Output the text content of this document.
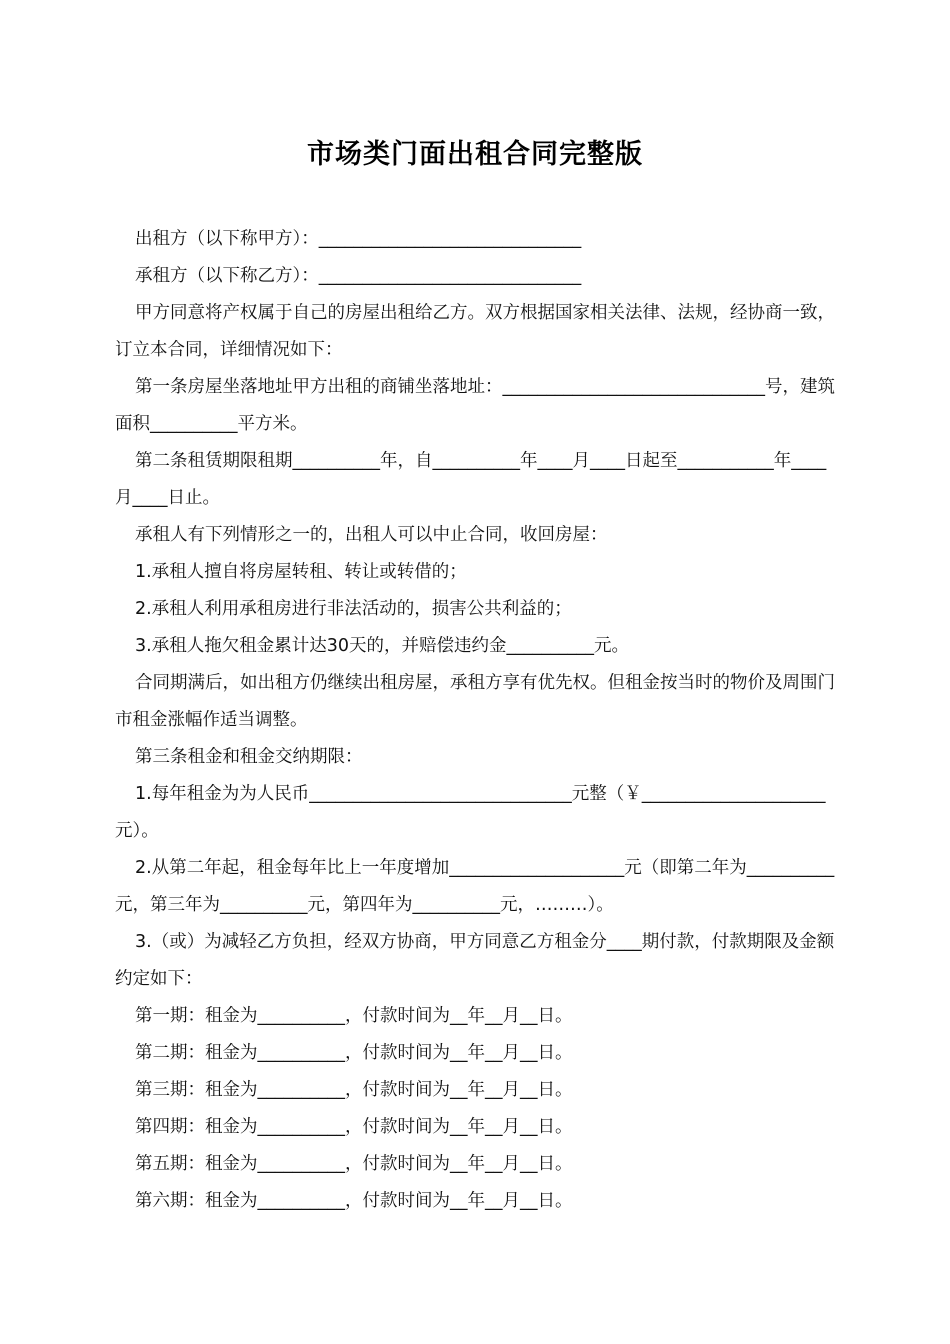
市场类门面出租合同完整版

出租方（以下称甲方）：______________________________

承租方（以下称乙方）：______________________________

甲方同意将产权属于自己的房屋出租给乙方。双方根据国家相关法律、法规，经协商一致，订立本合同，详细情况如下：

第一条房屋坐落地址甲方出租的商铺坐落地址：______________________________号，建筑面积__________平方米。

第二条租赁期限租期__________年，自__________年____月____日起至___________年____月____日止。

承租人有下列情形之一的，出租人可以中止合同，收回房屋：

1.承租人擅自将房屋转租、转让或转借的；

2.承租人利用承租房进行非法活动的，损害公共利益的；

3.承租人拖欠租金累计达30天的，并赔偿违约金__________元。

合同期满后，如出租方仍继续出租房屋，承租方享有优先权。但租金按当时的物价及周围门市租金涨幅作适当调整。

第三条租金和租金交纳期限：

1.每年租金为为人民币______________________________元整（￥_____________________元）。

2.从第二年起，租金每年比上一年度增加____________________元（即第二年为__________元，第三年为__________元，第四年为__________元，………）。

3.（或）为减轻乙方负担，经双方协商，甲方同意乙方租金分____期付款，付款期限及金额约定如下：

第一期：租金为__________，付款时间为__年__月__日。

第二期：租金为__________，付款时间为__年__月__日。

第三期：租金为__________，付款时间为__年__月__日。

第四期：租金为__________，付款时间为__年__月__日。

第五期：租金为__________，付款时间为__年__月__日。

第六期：租金为__________，付款时间为__年__月__日。
